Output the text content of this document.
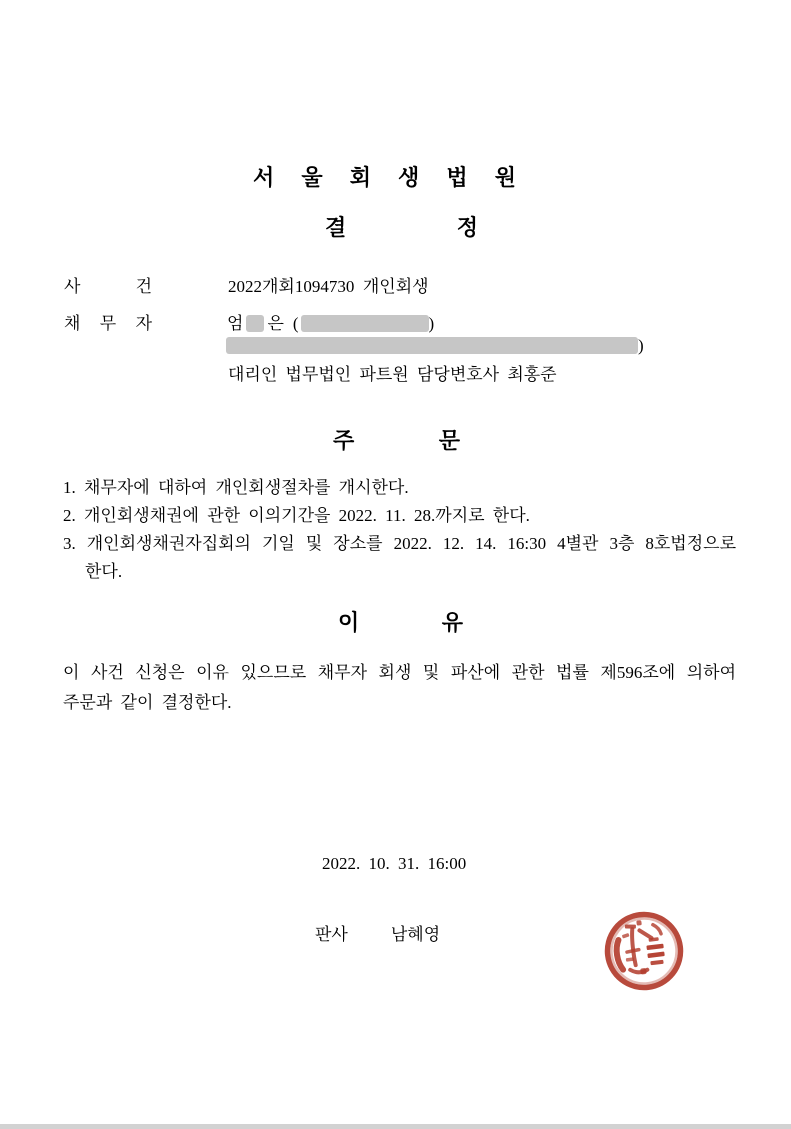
서 울 회 생 법 원
결 정
사 건	2022개회1094730  개인회생
채 무 자	엄 은 (	)
)
대리인 법무법인 파트원 담당변호사 최홍준
주 문
1. 채무자에 대하여 개인회생절차를 개시한다.
2. 개인회생채권에 관한 이의기간을 2022. 11. 28.까지로 한다.
3. 개인회생채권자집회의 기일 및 장소를 2022. 12. 14. 16:30 4별관 3층 8호법정으로
한다.
이 유
이 사건 신청은 이유 있으므로 채무자 회생 및 파산에 관한 법률 제596조에 의하여
주문과 같이 결정한다.
2022. 10. 31. 16:00
판사	남혜영
